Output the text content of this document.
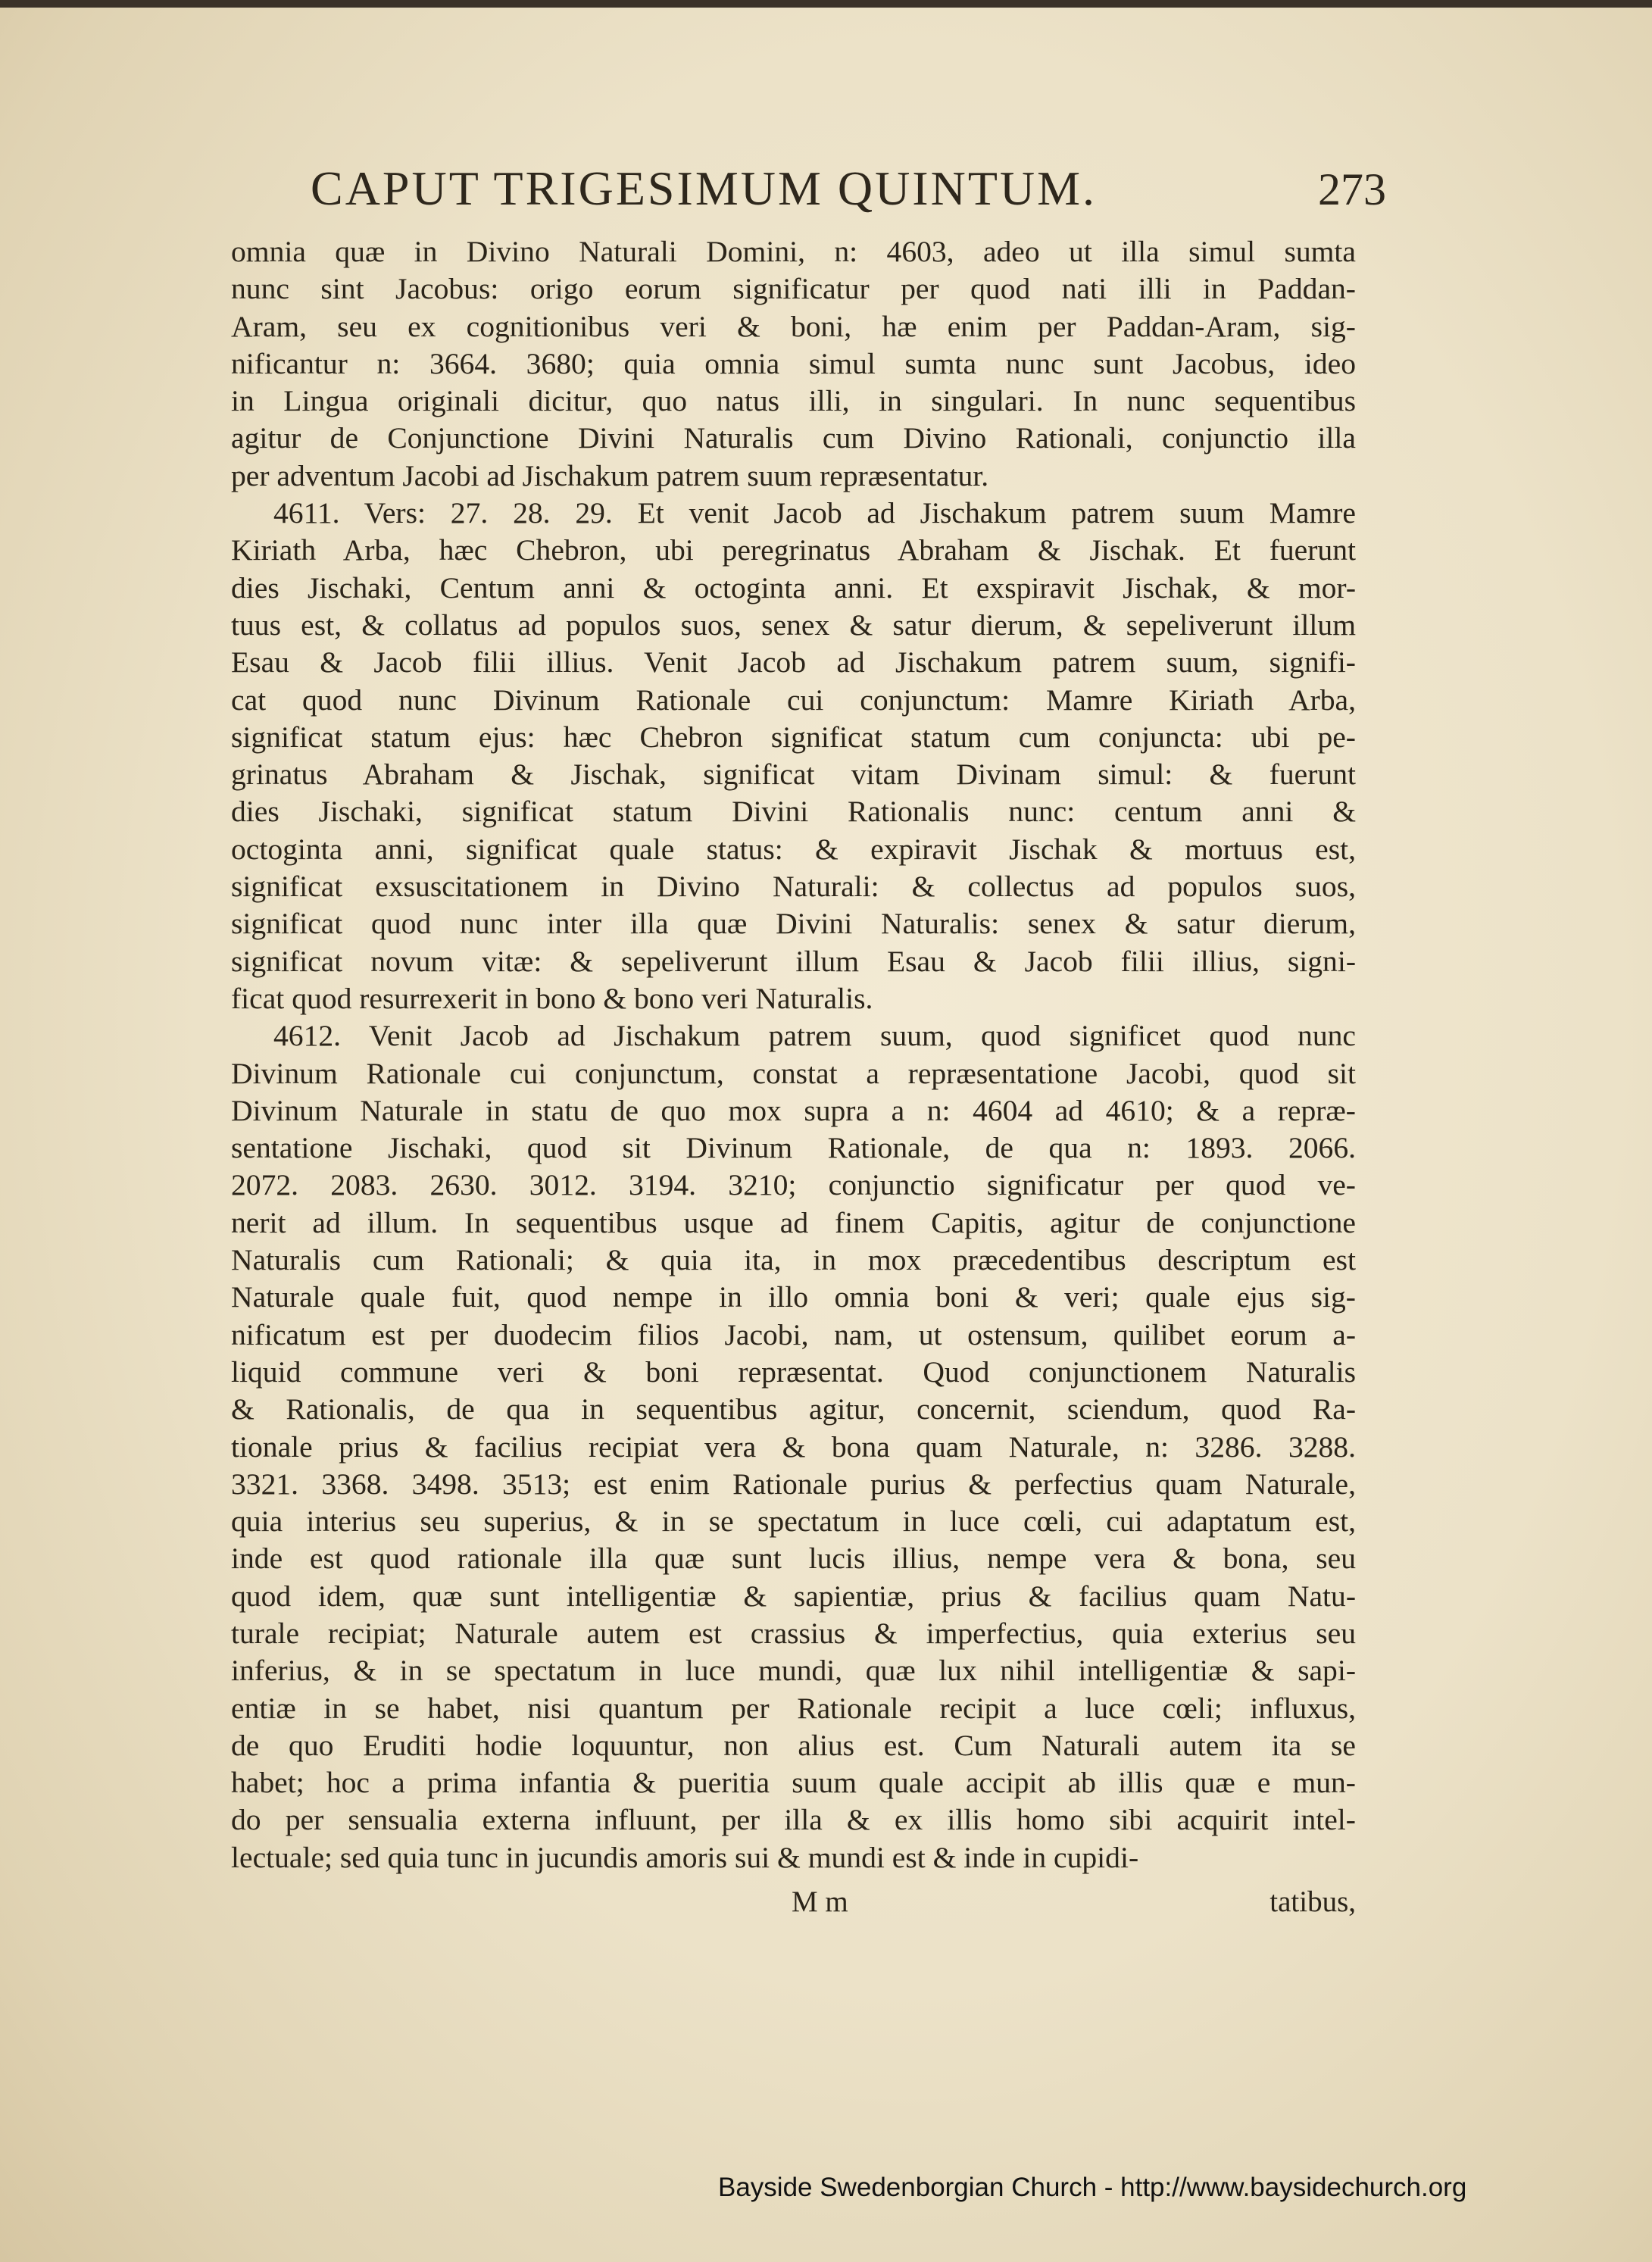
CAPUT TRIGESIMUM QUINTUM.	273
omnia quæ in Divino Naturali Domini, n: 4603, adeo ut illa simul sumta
nunc sint Jacobus: origo eorum significatur per quod nati illi in Paddan-
Aram, seu ex cognitionibus veri & boni, hæ enim per Paddan-Aram, sig-
nificantur n: 3664. 3680; quia omnia simul sumta nunc sunt Jacobus, ideo
in Lingua originali dicitur, quo natus illi, in singulari. In nunc sequentibus
agitur de Conjunctione Divini Naturalis cum Divino Rationali, conjunctio illa
per adventum Jacobi ad Jischakum patrem suum repræsentatur.
4611. Vers: 27. 28. 29. Et venit Jacob ad Jischakum patrem suum Mamre
Kiriath Arba, hæc Chebron, ubi peregrinatus Abraham & Jischak. Et fuerunt
dies Jischaki, Centum anni & octoginta anni. Et exspiravit Jischak, & mor-
tuus est, & collatus ad populos suos, senex & satur dierum, & sepeliverunt illum
Esau & Jacob filii illius. Venit Jacob ad Jischakum patrem suum, signifi-
cat quod nunc Divinum Rationale cui conjunctum: Mamre Kiriath Arba,
significat statum ejus: hæc Chebron significat statum cum conjuncta: ubi pe-
grinatus Abraham & Jischak, significat vitam Divinam simul: & fuerunt
dies Jischaki, significat statum Divini Rationalis nunc: centum anni &
octoginta anni, significat quale status: & expiravit Jischak & mortuus est,
significat exsuscitationem in Divino Naturali: & collectus ad populos suos,
significat quod nunc inter illa quæ Divini Naturalis: senex & satur dierum,
significat novum vitæ: & sepeliverunt illum Esau & Jacob filii illius, signi-
ficat quod resurrexerit in bono & bono veri Naturalis.
4612. Venit Jacob ad Jischakum patrem suum, quod significet quod nunc
Divinum Rationale cui conjunctum, constat a repræsentatione Jacobi, quod sit
Divinum Naturale in statu de quo mox supra a n: 4604 ad 4610; & a repræ-
sentatione Jischaki, quod sit Divinum Rationale, de qua n: 1893. 2066.
2072. 2083. 2630. 3012. 3194. 3210; conjunctio significatur per quod ve-
nerit ad illum. In sequentibus usque ad finem Capitis, agitur de conjunctione
Naturalis cum Rationali; & quia ita, in mox præcedentibus descriptum est
Naturale quale fuit, quod nempe in illo omnia boni & veri; quale ejus sig-
nificatum est per duodecim filios Jacobi, nam, ut ostensum, quilibet eorum a-
liquid commune veri & boni repræsentat. Quod conjunctionem Naturalis
& Rationalis, de qua in sequentibus agitur, concernit, sciendum, quod Ra-
tionale prius & facilius recipiat vera & bona quam Naturale, n: 3286. 3288.
3321. 3368. 3498. 3513; est enim Rationale purius & perfectius quam Naturale,
quia interius seu superius, & in se spectatum in luce cœli, cui adaptatum est,
inde est quod rationale illa quæ sunt lucis illius, nempe vera & bona, seu
quod idem, quæ sunt intelligentiæ & sapientiæ, prius & facilius quam Natu-
turale recipiat; Naturale autem est crassius & imperfectius, quia exterius seu
inferius, & in se spectatum in luce mundi, quæ lux nihil intelligentiæ & sapi-
entiæ in se habet, nisi quantum per Rationale recipit a luce cœli; influxus,
de quo Eruditi hodie loquuntur, non alius est. Cum Naturali autem ita se
habet; hoc a prima infantia & pueritia suum quale accipit ab illis quæ e mun-
do per sensualia externa influunt, per illa & ex illis homo sibi acquirit intel-
lectuale; sed quia tunc in jucundis amoris sui & mundi est & inde in cupidi-
M m	tatibus,
Bayside Swedenborgian Church - http://www.baysidechurch.org
